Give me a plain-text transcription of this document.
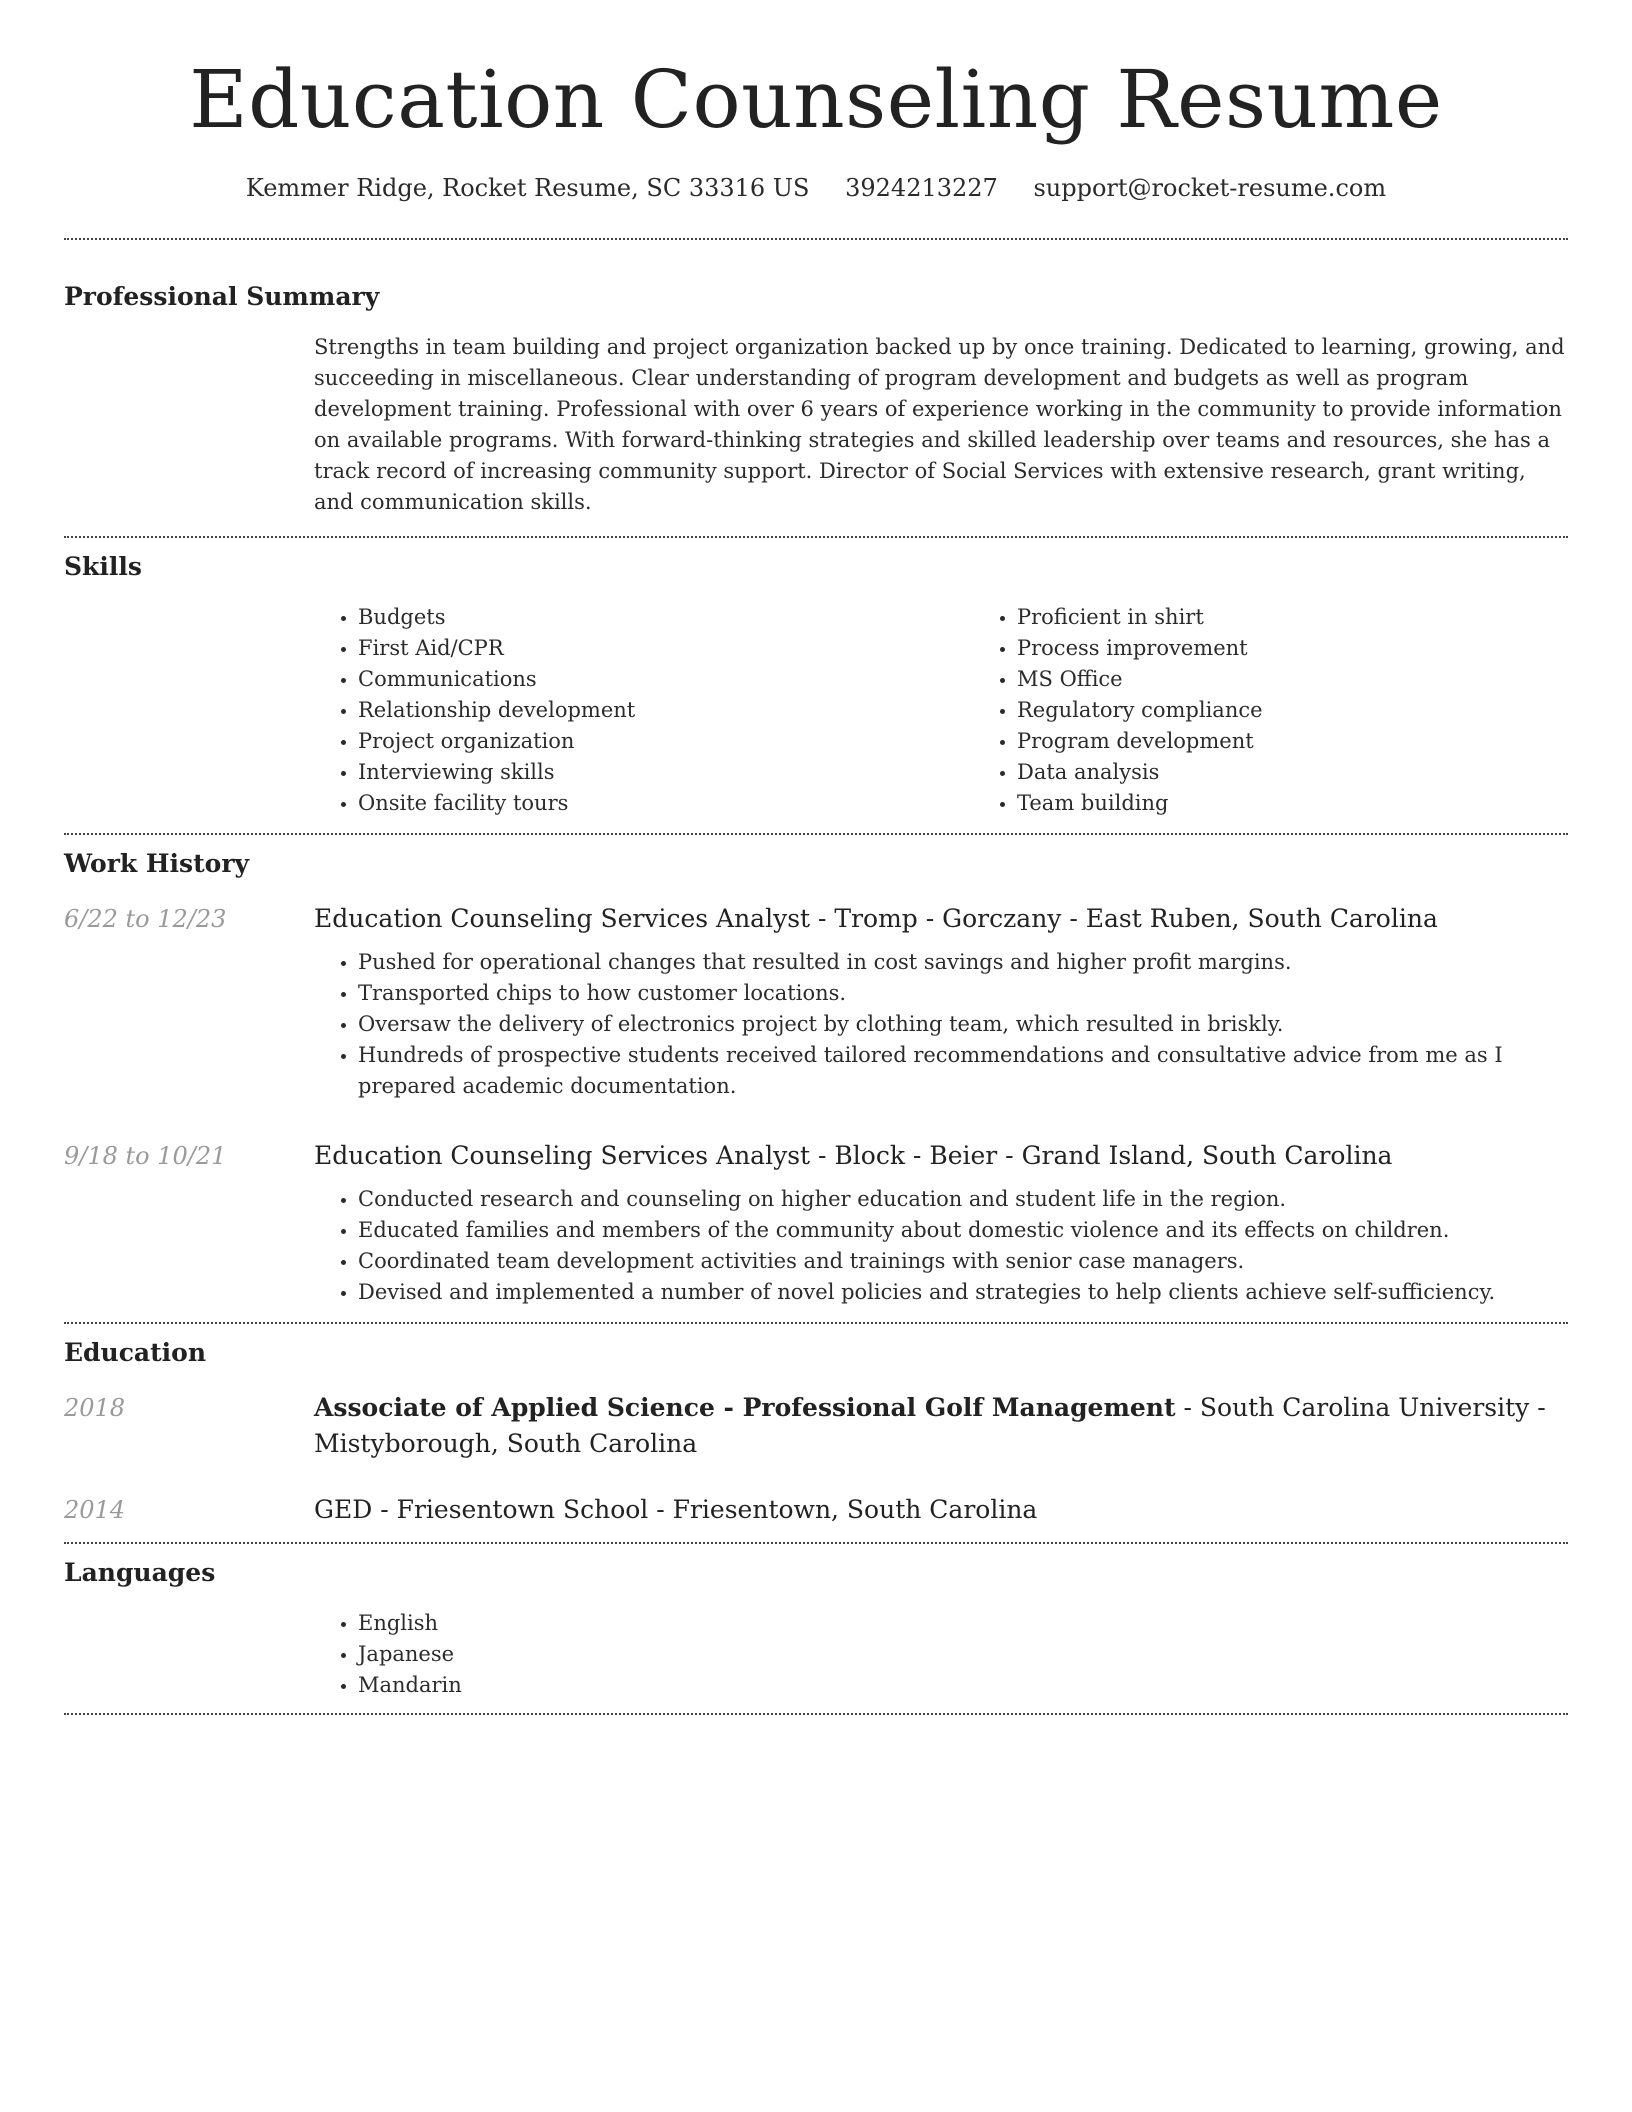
Education Counseling Resume
Kemmer Ridge, Rocket Resume, SC 33316 US 3924213227 support@rocket-resume.com
Professional Summary
Strengths in team building and project organization backed up by once training. Dedicated to learning, growing, and succeeding in miscellaneous. Clear understanding of program development and budgets as well as program development training. Professional with over 6 years of experience working in the community to provide information on available programs. With forward-thinking strategies and skilled leadership over teams and resources, she has a track record of increasing community support. Director of Social Services with extensive research, grant writing, and communication skills.
Skills
• Budgets
• First Aid/CPR
• Communications
• Relationship development
• Project organization
• Interviewing skills
• Onsite facility tours
• Proficient in shirt
• Process improvement
• MS Office
• Regulatory compliance
• Program development
• Data analysis
• Team building
Work History
6/22 to 12/23	Education Counseling Services Analyst - Tromp - Gorczany - East Ruben, South Carolina
• Pushed for operational changes that resulted in cost savings and higher profit margins.
• Transported chips to how customer locations.
• Oversaw the delivery of electronics project by clothing team, which resulted in briskly.
• Hundreds of prospective students received tailored recommendations and consultative advice from me as I prepared academic documentation.
9/18 to 10/21	Education Counseling Services Analyst - Block - Beier - Grand Island, South Carolina
• Conducted research and counseling on higher education and student life in the region.
• Educated families and members of the community about domestic violence and its effects on children.
• Coordinated team development activities and trainings with senior case managers.
• Devised and implemented a number of novel policies and strategies to help clients achieve self-sufficiency.
Education
2018	Associate of Applied Science - Professional Golf Management - South Carolina University - Mistyborough, South Carolina
2014	GED - Friesentown School - Friesentown, South Carolina
Languages
• English
• Japanese
• Mandarin
